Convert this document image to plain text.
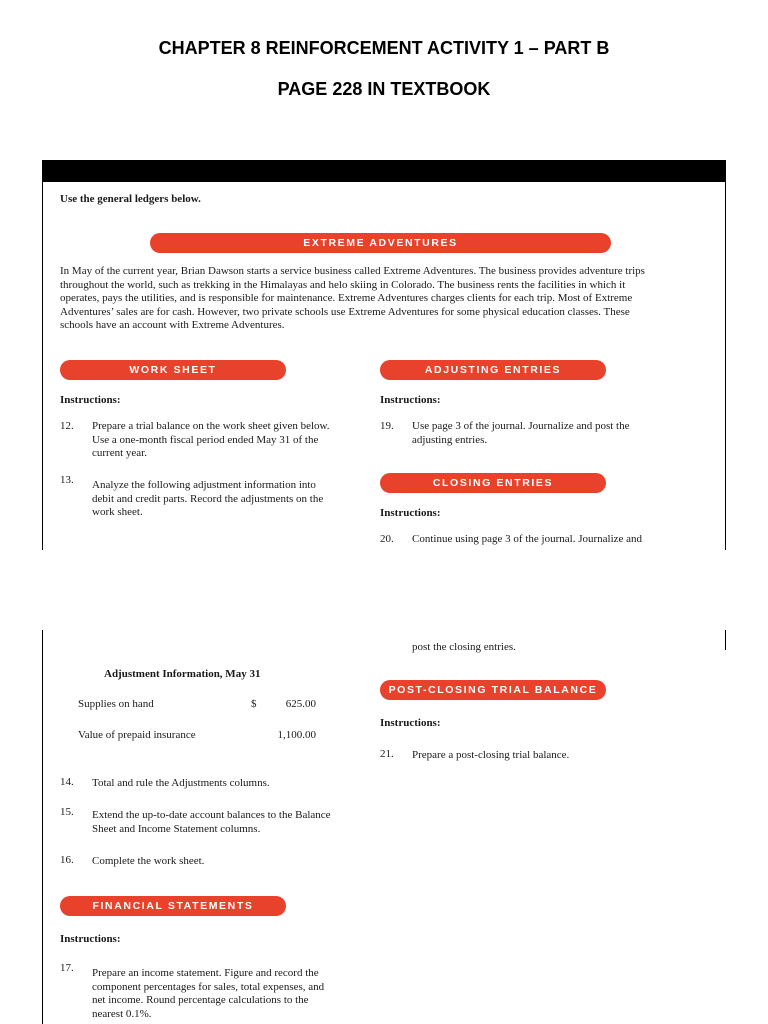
CHAPTER 8 REINFORCEMENT ACTIVITY 1 – PART B
PAGE 228 IN TEXTBOOK
Use the general ledgers below.
EXTREME ADVENTURES
In May of the current year, Brian Dawson starts a service business called Extreme Adventures. The business provides adventure trips
throughout the world, such as trekking in the Himalayas and helo skiing in Colorado. The business rents the facilities in which it
operates, pays the utilities, and is responsible for maintenance. Extreme Adventures charges clients for each trip. Most of Extreme
Adventures’ sales are for cash. However, two private schools use Extreme Adventures for some physical education classes. These
schools have an account with Extreme Adventures.
WORK SHEET
Instructions:
12. Prepare a trial balance on the work sheet given below.
Use a one-month fiscal period ended May 31 of the
current year.
13. Analyze the following adjustment information into
debit and credit parts. Record the adjustments on the
work sheet.
ADJUSTING ENTRIES
Instructions:
19. Use page 3 of the journal. Journalize and post the
adjusting entries.
CLOSING ENTRIES
Instructions:
20. Continue using page 3 of the journal. Journalize and
post the closing entries.
Adjustment Information, May 31
Supplies on hand	$	625.00
Value of prepaid insurance	1,100.00
14. Total and rule the Adjustments columns.
15. Extend the up-to-date account balances to the Balance
Sheet and Income Statement columns.
16. Complete the work sheet.
POST-CLOSING TRIAL BALANCE
Instructions:
21. Prepare a post-closing trial balance.
FINANCIAL STATEMENTS
Instructions:
17. Prepare an income statement. Figure and record the
component percentages for sales, total expenses, and
net income. Round percentage calculations to the
nearest 0.1%.
